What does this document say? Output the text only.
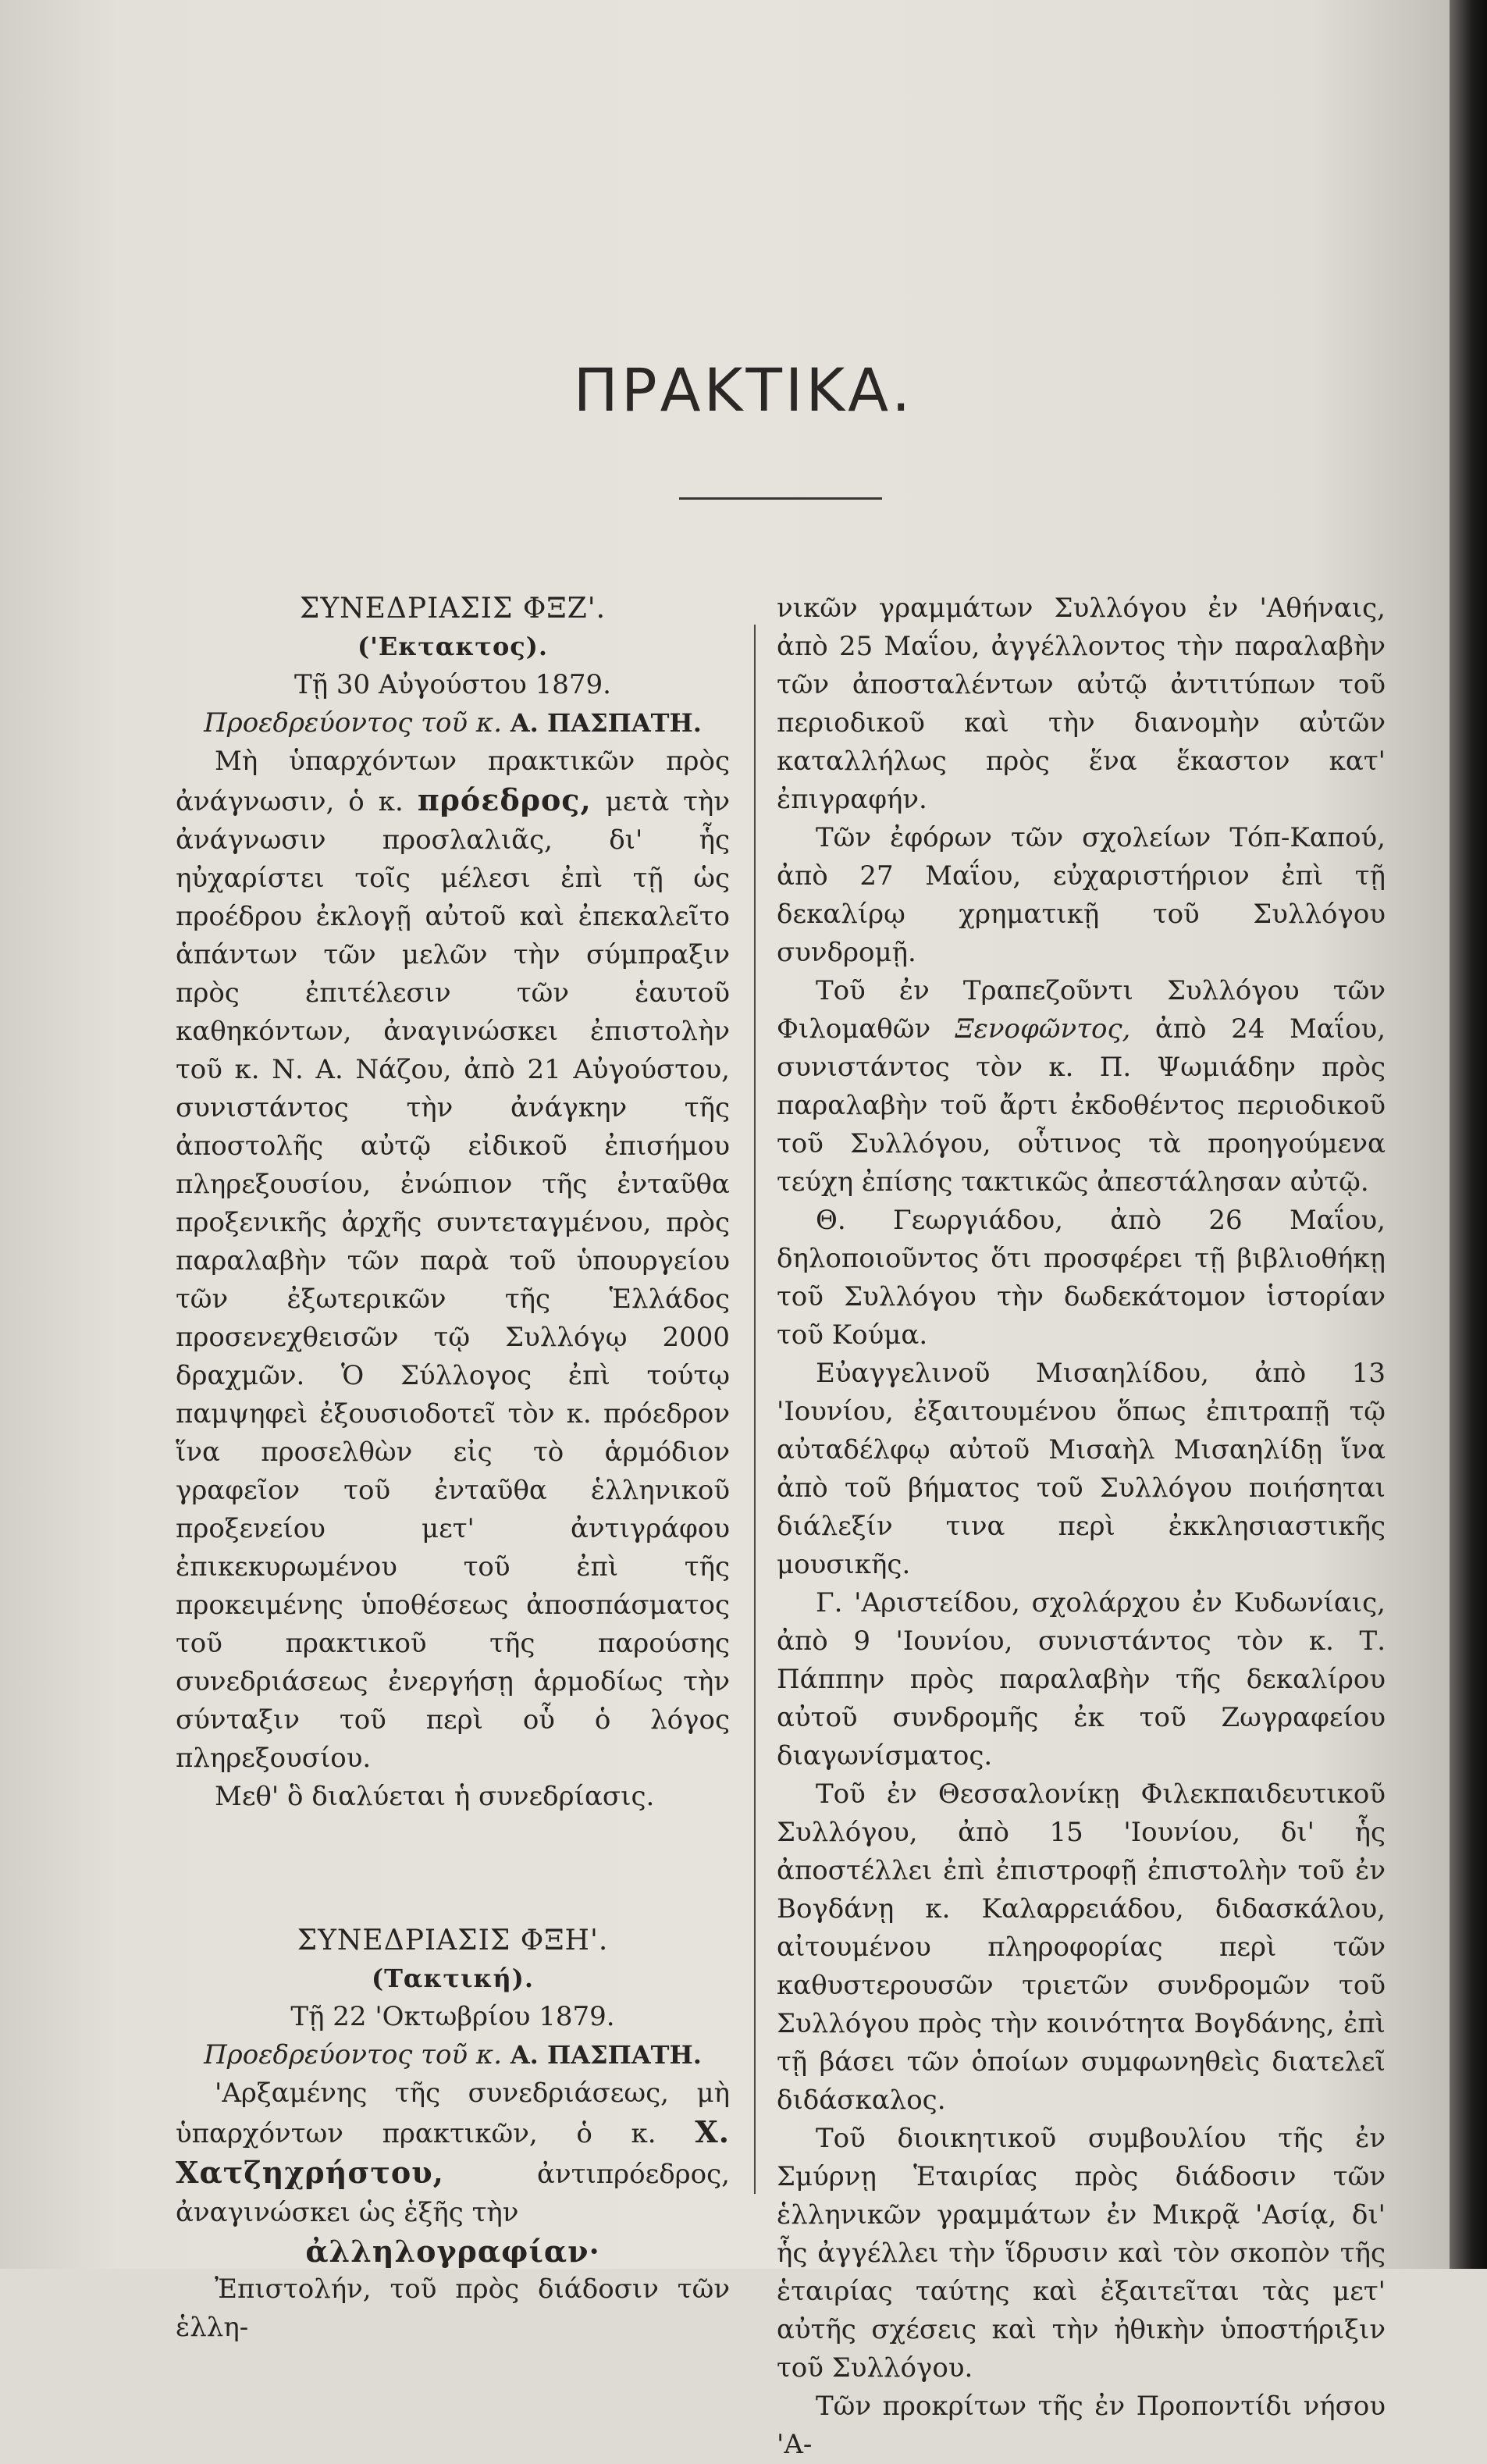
ΠΡΑΚΤΙΚΑ.

ΣΥΝΕΔΡΙΑΣΙΣ ΦΞΖ'.

('Εκτακτος).

Τῇ 30 Αὐγούστου 1879.

Προεδρεύοντος τοῦ κ. Α. ΠΑΣΠΑΤΗ.

Μὴ ὑπαρχόντων πρακτικῶν πρὸς ἀνάγνωσιν, ὁ κ. πρόεδρος, μετὰ τὴν ἀνάγνωσιν προσλαλιᾶς, δι' ἧς ηὐχαρίστει τοῖς μέλεσι ἐπὶ τῇ ὡς προέδρου ἐκλογῇ αὐτοῦ καὶ ἐπεκαλεῖτο ἁπάντων τῶν μελῶν τὴν σύμπραξιν πρὸς ἐπιτέλεσιν τῶν ἑαυτοῦ καθηκόντων, ἀναγινώσκει ἐπιστολὴν τοῦ κ. Ν. Α. Νάζου, ἀπὸ 21 Αὐγούστου, συνιστάντος τὴν ἀνάγκην τῆς ἀποστολῆς αὐτῷ εἰδικοῦ ἐπισήμου πληρεξουσίου, ἐνώπιον τῆς ἐνταῦθα προξενικῆς ἀρχῆς συντεταγμένου, πρὸς παραλαβὴν τῶν παρὰ τοῦ ὑπουργείου τῶν ἐξωτερικῶν τῆς Ἑλλάδος προσενεχθεισῶν τῷ Συλλόγῳ 2000 δραχμῶν. Ὁ Σύλλογος ἐπὶ τούτῳ παμψηφεὶ ἐξουσιοδοτεῖ τὸν κ. πρόεδρον ἵνα προσελθὼν εἰς τὸ ἁρμόδιον γραφεῖον τοῦ ἐνταῦθα ἑλληνικοῦ προξενείου μετ' ἀντιγράφου ἐπικεκυρωμένου τοῦ ἐπὶ τῆς προκειμένης ὑποθέσεως ἀποσπάσματος τοῦ πρακτικοῦ τῆς παρούσης συνεδριάσεως ἐνεργήσῃ ἁρμοδίως τὴν σύνταξιν τοῦ περὶ οὗ ὁ λόγος πληρεξουσίου.

Μεθ' ὃ διαλύεται ἡ συνεδρίασις.

ΣΥΝΕΔΡΙΑΣΙΣ ΦΞΗ'.

(Τακτική).

Τῇ 22 'Οκτωβρίου 1879.

Προεδρεύοντος τοῦ κ. Α. ΠΑΣΠΑΤΗ.

'Αρξαμένης τῆς συνεδριάσεως, μὴ ὑπαρχόντων πρακτικῶν, ὁ κ. Χ. Χατζηχρήστου, ἀντιπρόεδρος, ἀναγινώσκει ὡς ἑξῆς τὴν

ἀλληλογραφίαν·

Ἐπιστολήν, τοῦ πρὸς διάδοσιν τῶν ἑλλη-

νικῶν γραμμάτων Συλλόγου ἐν 'Αθήναις, ἀπὸ 25 Μαΐου, ἀγγέλλοντος τὴν παραλαβὴν τῶν ἀποσταλέντων αὐτῷ ἀντιτύπων τοῦ περιοδικοῦ καὶ τὴν διανομὴν αὐτῶν καταλλήλως πρὸς ἕνα ἕκαστον κατ' ἐπιγραφήν.

Τῶν ἐφόρων τῶν σχολείων Τόπ-Καπού, ἀπὸ 27 Μαΐου, εὐχαριστήριον ἐπὶ τῇ δεκαλίρῳ χρηματικῇ τοῦ Συλλόγου συνδρομῇ.

Τοῦ ἐν Τραπεζοῦντι Συλλόγου τῶν Φιλομαθῶν Ξενοφῶντος, ἀπὸ 24 Μαΐου, συνιστάντος τὸν κ. Π. Ψωμιάδην πρὸς παραλαβὴν τοῦ ἄρτι ἐκδοθέντος περιοδικοῦ τοῦ Συλλόγου, οὗτινος τὰ προηγούμενα τεύχη ἐπίσης τακτικῶς ἀπεστάλησαν αὐτῷ.

Θ. Γεωργιάδου, ἀπὸ 26 Μαΐου, δηλοποιοῦντος ὅτι προσφέρει τῇ βιβλιοθήκῃ τοῦ Συλλόγου τὴν δωδεκάτομον ἱστορίαν τοῦ Κούμα.

Εὐαγγελινοῦ Μισαηλίδου, ἀπὸ 13 'Ιουνίου, ἐξαιτουμένου ὅπως ἐπιτραπῇ τῷ αὐταδέλφῳ αὐτοῦ Μισαὴλ Μισαηλίδῃ ἵνα ἀπὸ τοῦ βήματος τοῦ Συλλόγου ποιήσηται διάλεξίν τινα περὶ ἐκκλησιαστικῆς μουσικῆς.

Γ. 'Αριστείδου, σχολάρχου ἐν Κυδωνίαις, ἀπὸ 9 'Ιουνίου, συνιστάντος τὸν κ. Τ. Πάππην πρὸς παραλαβὴν τῆς δεκαλίρου αὐτοῦ συνδρομῆς ἐκ τοῦ Ζωγραφείου διαγωνίσματος.

Τοῦ ἐν Θεσσαλονίκῃ Φιλεκπαιδευτικοῦ Συλλόγου, ἀπὸ 15 'Ιουνίου, δι' ἧς ἀποστέλλει ἐπὶ ἐπιστροφῇ ἐπιστολὴν τοῦ ἐν Βογδάνῃ κ. Καλαρρειάδου, διδασκάλου, αἰτουμένου πληροφορίας περὶ τῶν καθυστερουσῶν τριετῶν συνδρομῶν τοῦ Συλλόγου πρὸς τὴν κοινότητα Βογδάνης, ἐπὶ τῇ βάσει τῶν ὁποίων συμφωνηθεὶς διατελεῖ διδάσκαλος.

Τοῦ διοικητικοῦ συμβουλίου τῆς ἐν Σμύρνῃ Ἑταιρίας πρὸς διάδοσιν τῶν ἑλληνικῶν γραμμάτων ἐν Μικρᾷ 'Ασίᾳ, δι' ἧς ἀγγέλλει τὴν ἵδρυσιν καὶ τὸν σκοπὸν τῆς ἑταιρίας ταύτης καὶ ἐξαιτεῖται τὰς μετ' αὐτῆς σχέσεις καὶ τὴν ἠθικὴν ὑποστήριξιν τοῦ Συλλόγου.

Τῶν προκρίτων τῆς ἐν Προποντίδι νήσου 'Α-
